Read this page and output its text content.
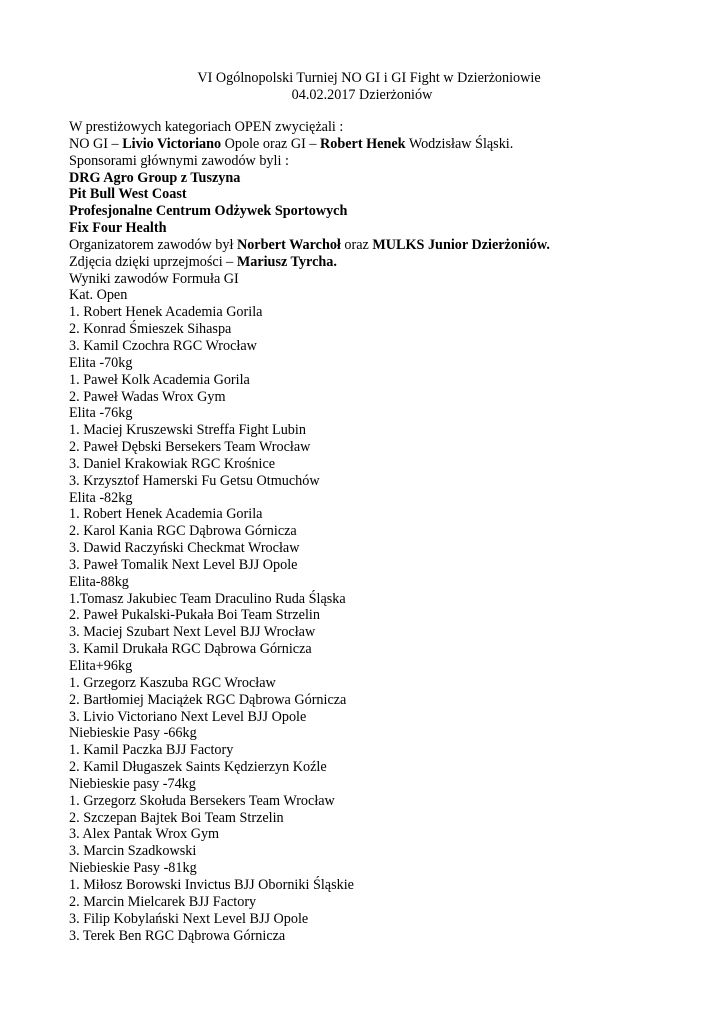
VI Ogólnopolski Turniej NO GI i GI Fight w Dzierżoniowie
04.02.2017 Dzierżoniów
W prestiżowych kategoriach OPEN zwyciężali :
NO GI – Livio Victoriano Opole oraz GI – Robert Henek Wodzisław Śląski.
Sponsorami głównymi zawodów byli :
DRG Agro Group z Tuszyna
Pit Bull West Coast
Profesjonalne Centrum Odżywek Sportowych
Fix Four Health
Organizatorem zawodów był Norbert Warchoł oraz MULKS Junior Dzierżoniów.
Zdjęcia dzięki uprzejmości – Mariusz Tyrcha.
Wyniki zawodów Formuła GI
Kat. Open
1. Robert Henek Academia Gorila
2. Konrad Śmieszek Sihaspa
3. Kamil Czochra RGC Wrocław
Elita -70kg
1. Paweł Kolk Academia Gorila
2. Paweł Wadas Wrox Gym
Elita -76kg
1. Maciej Kruszewski Streffa Fight Lubin
2. Paweł Dębski Bersekers Team Wrocław
3. Daniel Krakowiak RGC Krośnice
3. Krzysztof Hamerski Fu Getsu Otmuchów
Elita -82kg
1. Robert Henek Academia Gorila
2. Karol Kania RGC Dąbrowa Górnicza
3. Dawid Raczyński Checkmat Wrocław
3. Paweł Tomalik Next Level BJJ Opole
Elita-88kg
1.Tomasz Jakubiec Team Draculino Ruda Śląska
2. Paweł Pukalski-Pukała Boi Team Strzelin
3. Maciej Szubart Next Level BJJ Wrocław
3. Kamil Drukała RGC Dąbrowa Górnicza
Elita+96kg
1. Grzegorz Kaszuba RGC Wrocław
2. Bartłomiej Maciążek RGC Dąbrowa Górnicza
3. Livio Victoriano Next Level BJJ Opole
Niebieskie Pasy -66kg
1. Kamil Paczka BJJ Factory
2. Kamil Długaszek Saints Kędzierzyn Koźle
Niebieskie pasy -74kg
1. Grzegorz Skołuda Bersekers Team Wrocław
2. Szczepan Bajtek Boi Team Strzelin
3. Alex Pantak Wrox Gym
3. Marcin Szadkowski
Niebieskie Pasy -81kg
1. Miłosz Borowski Invictus BJJ Oborniki Śląskie
2. Marcin Mielcarek BJJ Factory
3. Filip Kobylański Next Level BJJ Opole
3. Terek Ben RGC Dąbrowa Górnicza
